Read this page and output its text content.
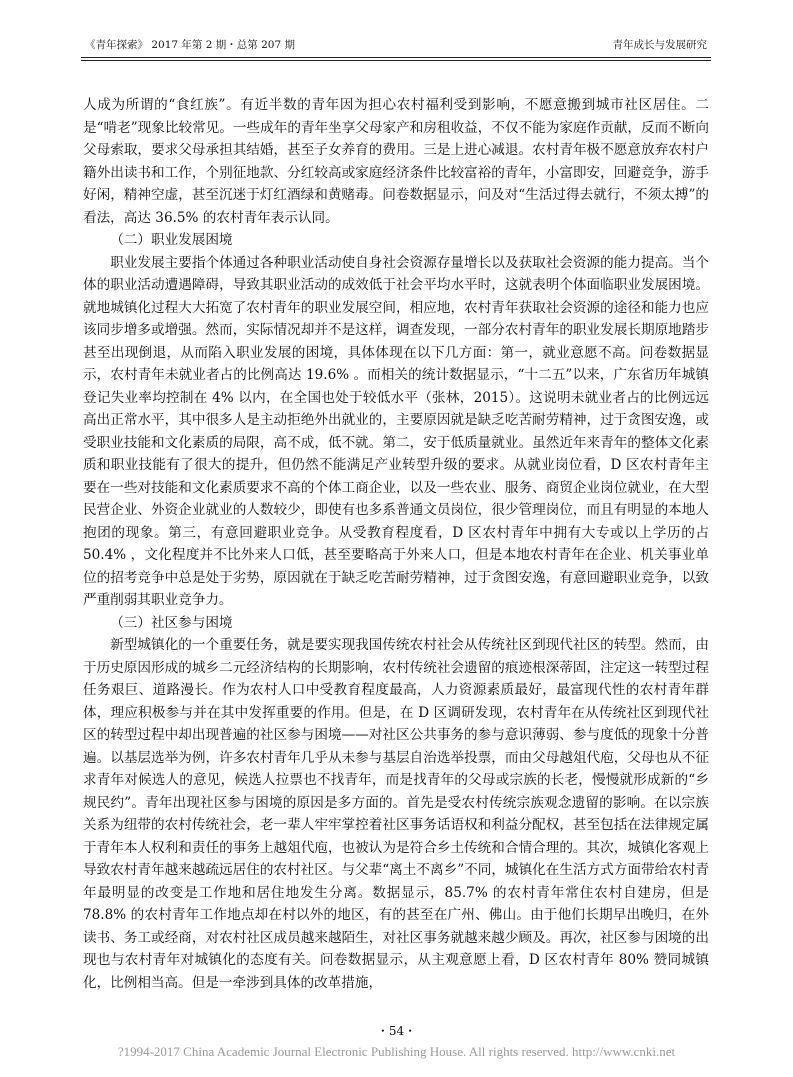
《青年探索》 2017 年第 2 期・总第 207 期	青年成长与发展研究

人成为所谓的“食红族”。有近半数的青年因为担心农村福利受到影响，不愿意搬到城市社区居住。二是“啃老”现象比较常见。一些成年的青年坐享父母家产和房租收益，不仅不能为家庭作贡献，反而不断向父母索取，要求父母承担其结婚，甚至子女养育的费用。三是上进心减退。农村青年极不愿意放弃农村户籍外出读书和工作，个别征地款、分红较高或家庭经济条件比较富裕的青年，小富即安，回避竞争，游手好闲，精神空虚，甚至沉迷于灯红酒绿和黄赌毒。问卷数据显示，问及对“生活过得去就行，不须太搏”的看法，高达 36.5% 的农村青年表示认同。

（二）职业发展困境

职业发展主要指个体通过各种职业活动使自身社会资源存量增长以及获取社会资源的能力提高。当个体的职业活动遭遇障碍，导致其职业活动的成效低于社会平均水平时，这就表明个体面临职业发展困境。就地城镇化过程大大拓宽了农村青年的职业发展空间，相应地，农村青年获取社会资源的途径和能力也应该同步增多或增强。然而，实际情况却并不是这样，调查发现，一部分农村青年的职业发展长期原地踏步甚至出现倒退，从而陷入职业发展的困境，具体体现在以下几方面：第一，就业意愿不高。问卷数据显示，农村青年未就业者占的比例高达 19.6% 。而相关的统计数据显示，“十二五”以来，广东省历年城镇登记失业率均控制在 4% 以内，在全国也处于较低水平（张林，2015）。这说明未就业者占的比例远远高出正常水平，其中很多人是主动拒绝外出就业的，主要原因就是缺乏吃苦耐劳精神，过于贪图安逸，或受职业技能和文化素质的局限，高不成，低不就。第二，安于低质量就业。虽然近年来青年的整体文化素质和职业技能有了很大的提升，但仍然不能满足产业转型升级的要求。从就业岗位看，D 区农村青年主要在一些对技能和文化素质要求不高的个体工商企业，以及一些农业、服务、商贸企业岗位就业，在大型民营企业、外资企业就业的人数较少，即使有也多系普通文员岗位，很少管理岗位，而且有明显的本地人抱团的现象。第三，有意回避职业竞争。从受教育程度看，D 区农村青年中拥有大专或以上学历的占 50.4% ，文化程度并不比外来人口低，甚至要略高于外来人口，但是本地农村青年在企业、机关事业单位的招考竞争中总是处于劣势，原因就在于缺乏吃苦耐劳精神，过于贪图安逸，有意回避职业竞争，以致严重削弱其职业竞争力。

（三）社区参与困境

新型城镇化的一个重要任务，就是要实现我国传统农村社会从传统社区到现代社区的转型。然而，由于历史原因形成的城乡二元经济结构的长期影响，农村传统社会遗留的痕迹根深蒂固，注定这一转型过程任务艰巨、道路漫长。作为农村人口中受教育程度最高，人力资源素质最好，最富现代性的农村青年群体，理应积极参与并在其中发挥重要的作用。但是，在 D 区调研发现，农村青年在从传统社区到现代社区的转型过程中却出现普遍的社区参与困境——对社区公共事务的参与意识薄弱、参与度低的现象十分普遍。以基层选举为例，许多农村青年几乎从未参与基层自治选举投票，而由父母越俎代庖，父母也从不征求青年对候选人的意见，候选人拉票也不找青年，而是找青年的父母或宗族的长老，慢慢就形成新的“乡规民约”。青年出现社区参与困境的原因是多方面的。首先是受农村传统宗族观念遗留的影响。在以宗族关系为纽带的农村传统社会，老一辈人牢牢掌控着社区事务话语权和利益分配权，甚至包括在法律规定属于青年本人权利和责任的事务上越俎代庖，也被认为是符合乡土传统和合情合理的。其次，城镇化客观上导致农村青年越来越疏远居住的农村社区。与父辈“离土不离乡”不同，城镇化在生活方式方面带给农村青年最明显的改变是工作地和居住地发生分离。数据显示，85.7% 的农村青年常住农村自建房，但是 78.8% 的农村青年工作地点却在村以外的地区，有的甚至在广州、佛山。由于他们长期早出晚归，在外读书、务工或经商，对农村社区成员越来越陌生，对社区事务就越来越少顾及。再次，社区参与困境的出现也与农村青年对城镇化的态度有关。问卷数据显示，从主观意愿上看，D 区农村青年 80% 赞同城镇化，比例相当高。但是一牵涉到具体的改革措施，

・54・
?1994-2017 China Academic Journal Electronic Publishing House. All rights reserved. http://www.cnki.net
